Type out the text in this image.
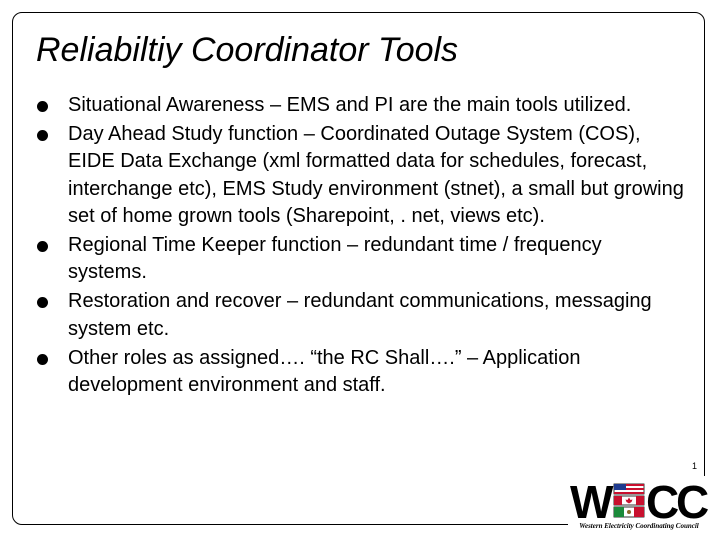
Reliabiltiy Coordinator Tools
Situational Awareness – EMS and PI are the main tools utilized.
Day Ahead Study function – Coordinated Outage System (COS), EIDE Data Exchange (xml formatted data for schedules, forecast, interchange etc), EMS Study environment (stnet), a small but growing set of home grown tools (Sharepoint, . net, views etc).
Regional Time Keeper function – redundant time / frequency systems.
Restoration and recover – redundant communications, messaging system etc.
Other roles as assigned…. “the RC Shall….” – Application development environment and staff.
1
W C
C
Western Electricity Coordinating Council
